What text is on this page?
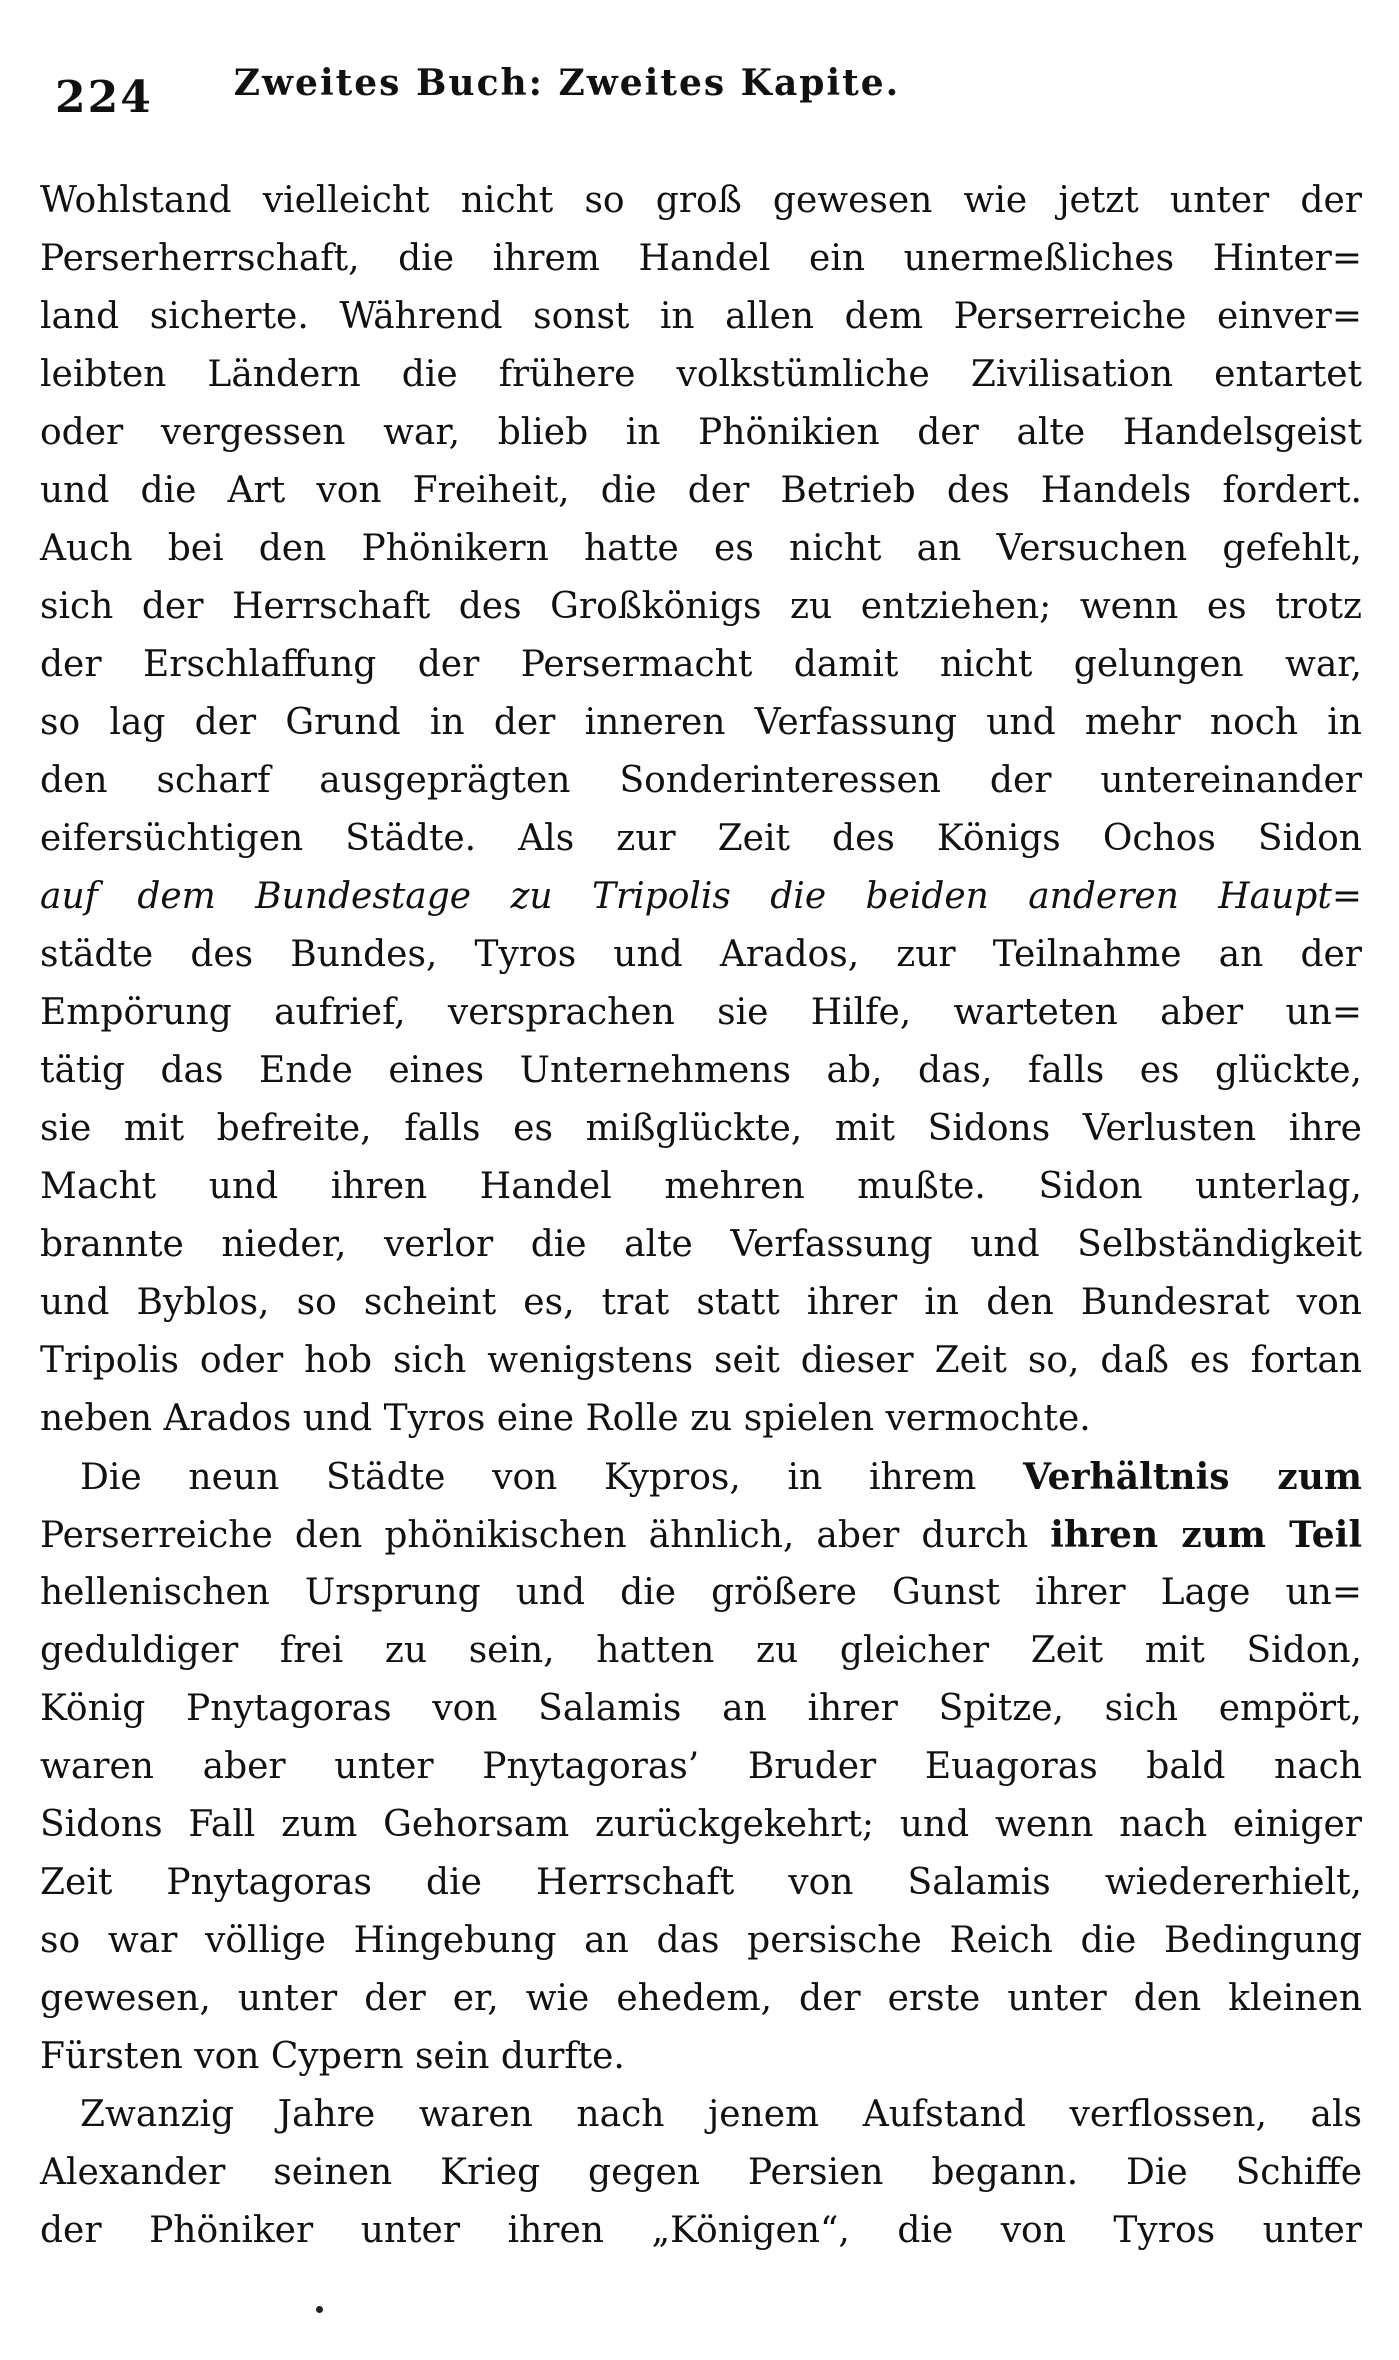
224 Zweites Buch: Zweites Kapite.
Wohlstand vielleicht nicht so groß gewesen wie jetzt unter der
Perserherrschaft, die ihrem Handel ein unermeßliches Hinter=
land sicherte. Während sonst in allen dem Perserreiche einver=
leibten Ländern die frühere volkstümliche Zivilisation entartet
oder vergessen war, blieb in Phönikien der alte Handelsgeist
und die Art von Freiheit, die der Betrieb des Handels fordert.
Auch bei den Phönikern hatte es nicht an Versuchen gefehlt,
sich der Herrschaft des Großkönigs zu entziehen; wenn es trotz
der Erschlaffung der Persermacht damit nicht gelungen war,
so lag der Grund in der inneren Verfassung und mehr noch in
den scharf ausgeprägten Sonderinteressen der untereinander
eifersüchtigen Städte. Als zur Zeit des Königs Ochos Sidon
auf dem Bundestage zu Tripolis die beiden anderen Haupt=
städte des Bundes, Tyros und Arados, zur Teilnahme an der
Empörung aufrief, versprachen sie Hilfe, warteten aber un=
tätig das Ende eines Unternehmens ab, das, falls es glückte,
sie mit befreite, falls es mißglückte, mit Sidons Verlusten ihre
Macht und ihren Handel mehren mußte. Sidon unterlag,
brannte nieder, verlor die alte Verfassung und Selbständigkeit
und Byblos, so scheint es, trat statt ihrer in den Bundesrat von
Tripolis oder hob sich wenigstens seit dieser Zeit so, daß es fortan
neben Arados und Tyros eine Rolle zu spielen vermochte.
Die neun Städte von Kypros, in ihrem Verhältnis zum
Perserreiche den phönikischen ähnlich, aber durch ihren zum Teil
hellenischen Ursprung und die größere Gunst ihrer Lage un=
geduldiger frei zu sein, hatten zu gleicher Zeit mit Sidon,
König Pnytagoras von Salamis an ihrer Spitze, sich empört,
waren aber unter Pnytagoras’ Bruder Euagoras bald nach
Sidons Fall zum Gehorsam zurückgekehrt; und wenn nach einiger
Zeit Pnytagoras die Herrschaft von Salamis wiedererhielt,
so war völlige Hingebung an das persische Reich die Bedingung
gewesen, unter der er, wie ehedem, der erste unter den kleinen
Fürsten von Cypern sein durfte.
Zwanzig Jahre waren nach jenem Aufstand verflossen, als
Alexander seinen Krieg gegen Persien begann. Die Schiffe
der Phöniker unter ihren „Königen“, die von Tyros unter
